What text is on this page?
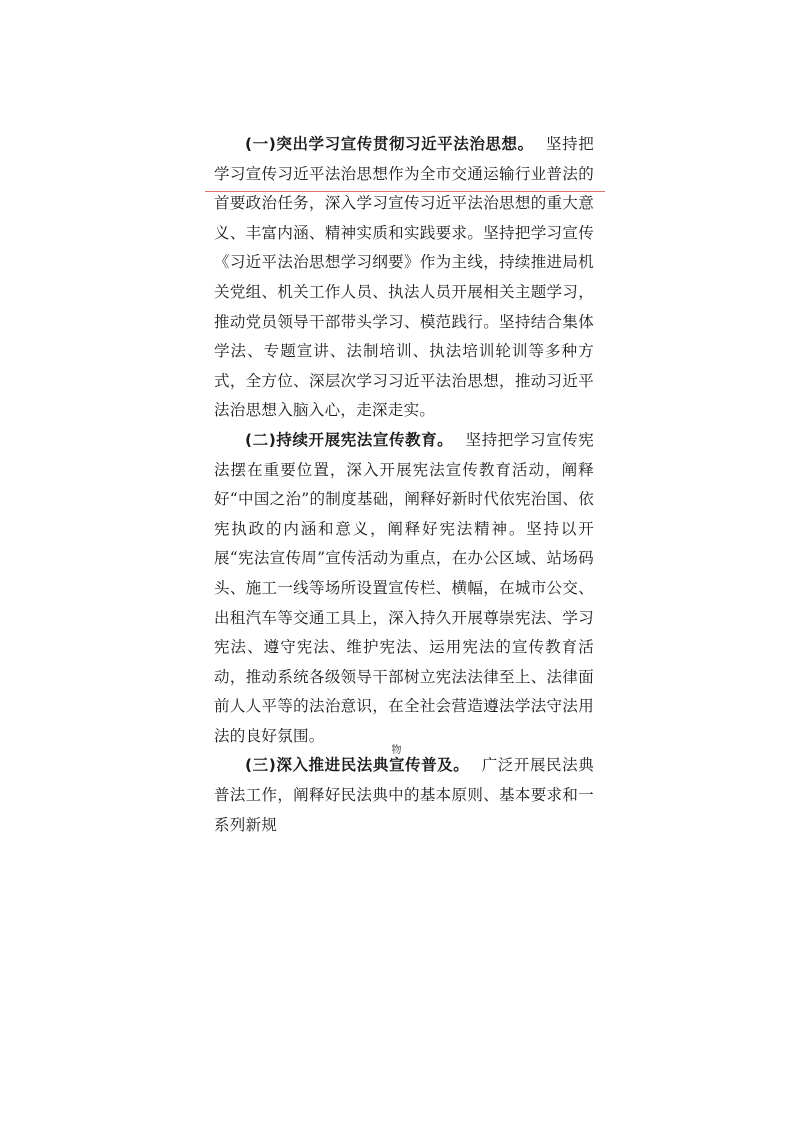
(一)突出学习宣传贯彻习近平法治思想。 坚持把学习宣传习近平法治思想作为全市交通运输行业普法的首要政治任务，深入学习宣传习近平法治思想的重大意义、丰富内涵、精神实质和实践要求。坚持把学习宣传《习近平法治思想学习纲要》作为主线，持续推进局机关党组、机关工作人员、执法人员开展相关主题学习，推动党员领导干部带头学习、模范践行。坚持结合集体学法、专题宣讲、法制培训、执法培训轮训等多种方式，全方位、深层次学习习近平法治思想，推动习近平法治思想入脑入心，走深走实。

(二)持续开展宪法宣传教育。 坚持把学习宣传宪法摆在重要位置，深入开展宪法宣传教育活动，阐释好“中国之治”的制度基础，阐释好新时代依宪治国、依宪执政的内涵和意义，阐释好宪法精神。坚持以开展“宪法宣传周”宣传活动为重点，在办公区域、站场码头、施工一线等场所设置宣传栏、横幅，在城市公交、出租汽车等交通工具上，深入持久开展尊崇宪法、学习宪法、遵守宪法、维护宪法、运用宪法的宣传教育活动，推动系统各级领导干部树立宪法法律至上、法律面前人人平等的法治意识，在全社会营造遵法学法守法用法的良好氛围。

(三)深入推进民法典宣传普及。 广泛开展民法典普法工作，阐释好民法典中的基本原则、基本要求和一系列新规

物
